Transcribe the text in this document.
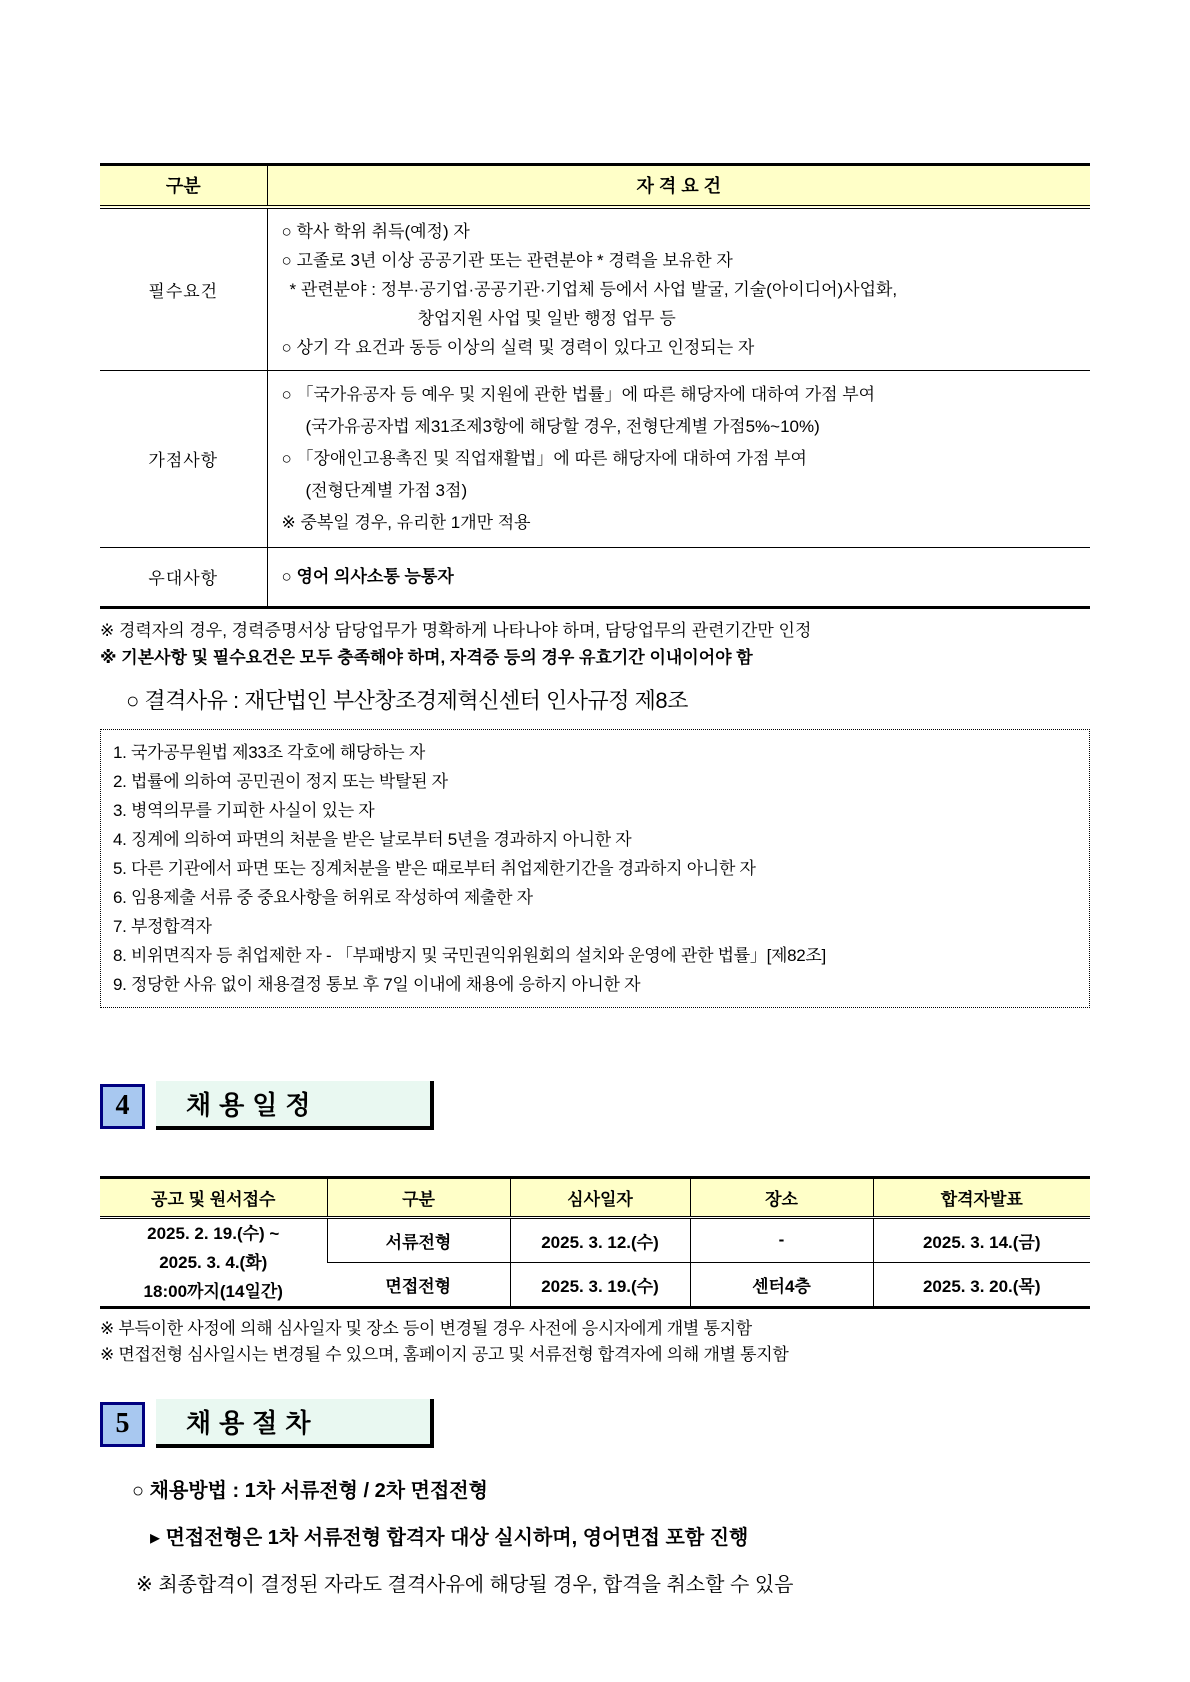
구분	자 격 요 건
필수요건	○ 학사 학위 취득(예정) 자
○ 고졸로 3년 이상 공공기관 또는 관련분야 * 경력을 보유한 자
* 관련분야 : 정부·공기업·공공기관·기업체 등에서 사업 발굴, 기술(아이디어)사업화,
창업지원 사업 및 일반 행정 업무 등
○ 상기 각 요건과 동등 이상의 실력 및 경력이 있다고 인정되는 자

가점사항	○ 「국가유공자 등 예우 및 지원에 관한 법률」에 따른 해당자에 대하여 가점 부여
(국가유공자법 제31조제3항에 해당할 경우, 전형단계별 가점5%~10%)
○ 「장애인고용촉진 및 직업재활법」에 따른 해당자에 대하여 가점 부여
(전형단계별 가점 3점)
※ 중복일 경우, 유리한 1개만 적용

우대사항	○ 영어 의사소통 능통자
※ 경력자의 경우, 경력증명서상 담당업무가 명확하게 나타나야 하며, 담당업무의 관련기간만 인정
※ 기본사항 및 필수요건은 모두 충족해야 하며, 자격증 등의 경우 유효기간 이내이어야 함
○ 결격사유 : 재단법인 부산창조경제혁신센터 인사규정 제8조
1. 국가공무원법 제33조 각호에 해당하는 자
2. 법률에 의하여 공민권이 정지 또는 박탈된 자
3. 병역의무를 기피한 사실이 있는 자
4. 징계에 의하여 파면의 처분을 받은 날로부터 5년을 경과하지 아니한 자
5. 다른 기관에서 파면 또는 징계처분을 받은 때로부터 취업제한기간을 경과하지 아니한 자
6. 임용제출 서류 중 중요사항을 허위로 작성하여 제출한 자
7. 부정합격자
8. 비위면직자 등 취업제한 자 - 「부패방지 및 국민권익위원회의 설치와 운영에 관한 법률」[제82조]
9. 정당한 사유 없이 채용결정 통보 후 7일 이내에 채용에 응하지 아니한 자
4	채용일정
공고 및 원서접수	구분	심사일자	장소	합격자발표

2025. 2. 19.(수) ~
2025. 3. 4.(화)
18:00까지(14일간)	서류전형	2025. 3. 12.(수)	-	2025. 3. 14.(금)
	면접전형	2025. 3. 19.(수)	센터4층	2025. 3. 20.(목)
※ 부득이한 사정에 의해 심사일자 및 장소 등이 변경될 경우 사전에 응시자에게 개별 통지함
※ 면접전형 심사일시는 변경될 수 있으며, 홈페이지 공고 및 서류전형 합격자에 의해 개별 통지함
5	채용절차
○ 채용방법 : 1차 서류전형 / 2차 면접전형
▸ 면접전형은 1차 서류전형 합격자 대상 실시하며, 영어면접 포함 진행
※ 최종합격이 결정된 자라도 결격사유에 해당될 경우, 합격을 취소할 수 있음
